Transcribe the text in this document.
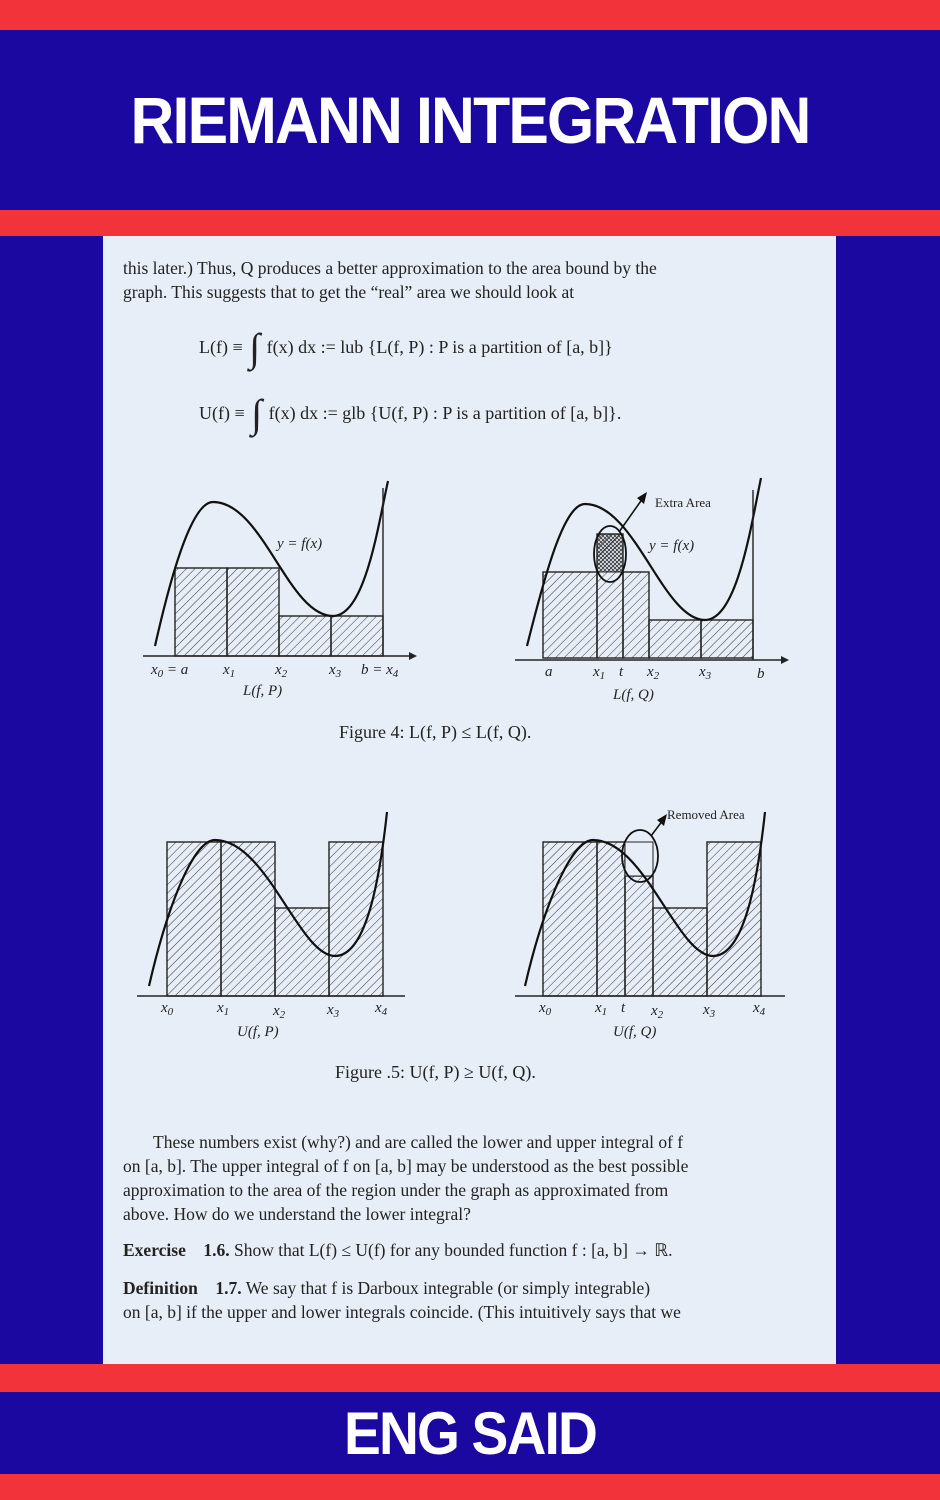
RIEMANN INTEGRATION
y = f(x)
$x_0 = a$ $x_1$	$x_2$	$x_3$ $b = x_4$
L(f, P)
Extra Area
y = f(x)
a	$x_1$ t $x_2$	$x_3$	b
L(f, Q)
$x_0$	$x_1$	$x_2$	$x_3$ $x_4$
U(f, P)
Removed Area
$x_0$	$x_1$ t $x_2$	$x_3$	$x_4$
U(f, Q)

this later.) Thus, Q produces a better approximation to the area bound by the
graph. This suggests that to get the “real” area we should look at

L(f) ≡ ∫ f(x) dx := lub {L(f, P) : P is a partition of [a, b]}
U(f) ≡ ∫ f(x) dx := glb {U(f, P) : P is a partition of [a, b]}.
Figure 4: L(f, P) ≤ L(f, Q).
Figure .5: U(f, P) ≥ U(f, Q).

These numbers exist (why?) and are called the lower and upper integral of f
on [a, b]. The upper integral of f on [a, b] may be understood as the best possible
approximation to the area of the region under the graph as approximated from
above. How do we understand the lower integral?

Exercise 1.6. Show that L(f) ≤ U(f) for any bounded function f : [a, b] → ℝ.

Definition 1.7. We say that f is Darboux integrable (or simply integrable)
on [a, b] if the upper and lower integrals coincide. (This intuitively says that we

ENG SAID
